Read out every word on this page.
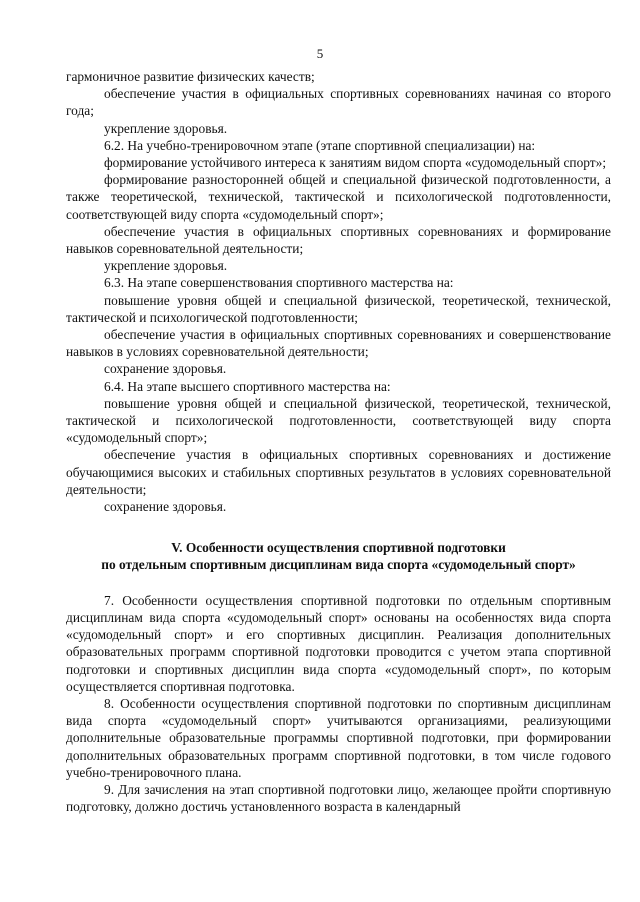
5

гармоничное развитие физических качеств;

обеспечение участия в официальных спортивных соревнованиях начиная со второго года;

укрепление здоровья.

6.2. На учебно-тренировочном этапе (этапе спортивной специализации) на:

формирование устойчивого интереса к занятиям видом спорта «судомодельный спорт»;

формирование разносторонней общей и специальной физической подготовленности, а также теоретической, технической, тактической и психологической подготовленности, соответствующей виду спорта «судомодельный спорт»;

обеспечение участия в официальных спортивных соревнованиях и формирование навыков соревновательной деятельности;

укрепление здоровья.

6.3. На этапе совершенствования спортивного мастерства на:

повышение уровня общей и специальной физической, теоретической, технической, тактической и психологической подготовленности;

обеспечение участия в официальных спортивных соревнованиях и совершенствование навыков в условиях соревновательной деятельности;

сохранение здоровья.

6.4. На этапе высшего спортивного мастерства на:

повышение уровня общей и специальной физической, теоретической, технической, тактической и психологической подготовленности, соответствующей виду спорта «судомодельный спорт»;

обеспечение участия в официальных спортивных соревнованиях и достижение обучающимися высоких и стабильных спортивных результатов в условиях соревновательной деятельности;

сохранение здоровья.

V. Особенности осуществления спортивной подготовки
по отдельным спортивным дисциплинам вида спорта «судомодельный спорт»

7. Особенности осуществления спортивной подготовки по отдельным спортивным дисциплинам вида спорта «судомодельный спорт» основаны на особенностях вида спорта «судомодельный спорт» и его спортивных дисциплин. Реализация дополнительных образовательных программ спортивной подготовки проводится с учетом этапа спортивной подготовки и спортивных дисциплин вида спорта «судомодельный спорт», по которым осуществляется спортивная подготовка.

8. Особенности осуществления спортивной подготовки по спортивным дисциплинам вида спорта «судомодельный спорт» учитываются организациями, реализующими дополнительные образовательные программы спортивной подготовки, при формировании дополнительных образовательных программ спортивной подготовки, в том числе годового учебно-тренировочного плана.

9. Для зачисления на этап спортивной подготовки лицо, желающее пройти спортивную подготовку, должно достичь установленного возраста в календарный
